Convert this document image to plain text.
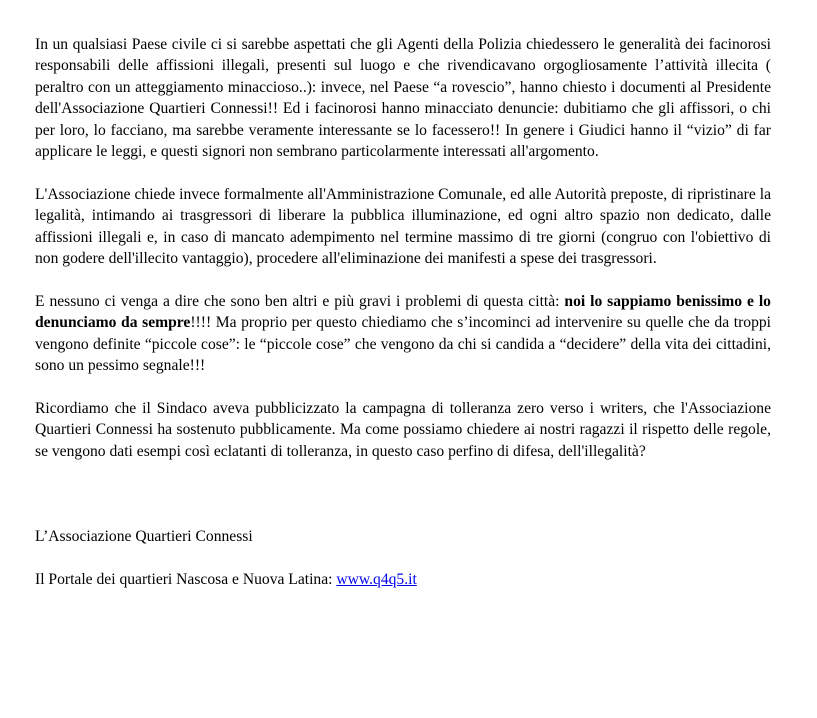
In un qualsiasi Paese civile ci si sarebbe aspettati che gli Agenti della Polizia chiedessero le generalità dei facinorosi responsabili delle affissioni illegali, presenti sul luogo e che rivendicavano orgogliosamente l’attività illecita ( peraltro con un atteggiamento minaccioso..): invece, nel Paese “a rovescio”, hanno chiesto i documenti al Presidente dell'Associazione Quartieri Connessi!! Ed i facinorosi hanno minacciato denuncie: dubitiamo che gli affissori, o chi per loro, lo facciano, ma sarebbe veramente interessante se lo facessero!! In genere i Giudici hanno il “vizio” di far applicare le leggi, e questi signori non sembrano particolarmente interessati all'argomento.

L'Associazione chiede invece formalmente all'Amministrazione Comunale, ed alle Autorità preposte, di ripristinare la legalità, intimando ai trasgressori di liberare la pubblica illuminazione, ed ogni altro spazio non dedicato, dalle affissioni illegali e, in caso di mancato adempimento nel termine massimo di tre giorni (congruo con l'obiettivo di non godere dell'illecito vantaggio), procedere all'eliminazione dei manifesti a spese dei trasgressori.

E nessuno ci venga a dire che sono ben altri e più gravi i problemi di questa città: noi lo sappiamo benissimo e lo denunciamo da sempre!!!! Ma proprio per questo chiediamo che s’incominci ad intervenire su quelle che da troppi vengono definite “piccole cose”: le “piccole cose” che vengono da chi si candida a “decidere” della vita dei cittadini, sono un pessimo segnale!!!

Ricordiamo che il Sindaco aveva pubblicizzato la campagna di tolleranza zero verso i writers, che l'Associazione Quartieri Connessi ha sostenuto pubblicamente. Ma come possiamo chiedere ai nostri ragazzi il rispetto delle regole, se vengono dati esempi così eclatanti di tolleranza, in questo caso perfino di difesa, dell'illegalità?

L’Associazione Quartieri Connessi

Il Portale dei quartieri Nascosa e Nuova Latina: www.q4q5.it
